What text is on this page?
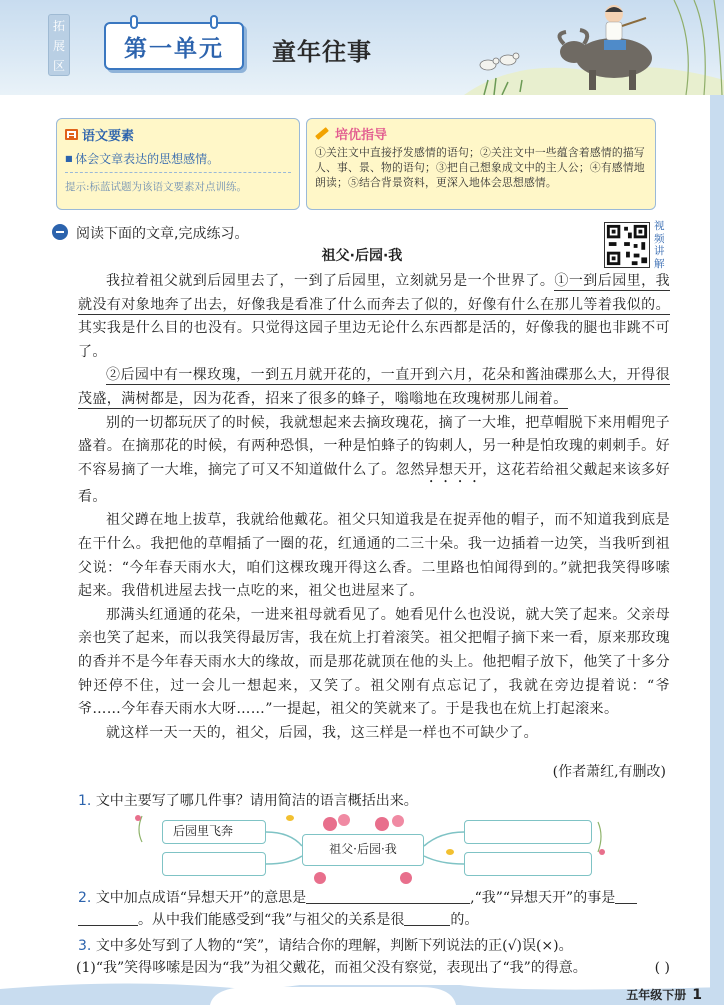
拓展区
第一单元 童年往事
语文要素
■ 体会文章表达的思想感情。
提示:标蓝试题为该语文要素对点训练。
培优指导
①关注文中直接抒发感情的语句；②关注文中一些蕴含着感情的描写人、事、景、物的语句；③把自己想象成文中的主人公；④有感情地朗读；⑤结合背景资料，更深入地体会思想感情。
阅读下面的文章,完成练习。	视频讲解
祖父·后园·我

我拉着祖父就到后园里去了，一到了后园里，立刻就另是一个世界了。①一到后园里，我就没有对象地奔了出去，好像我是看准了什么而奔去了似的，好像有什么在那儿等着我似的。其实我是什么目的也没有。只觉得这园子里边无论什么东西都是活的，好像我的腿也非跳不可了。

②后园中有一棵玫瑰，一到五月就开花的，一直开到六月，花朵和酱油碟那么大，开得很茂盛，满树都是，因为花香，招来了很多的蜂子，嗡嗡地在玫瑰树那儿闹着。

别的一切都玩厌了的时候，我就想起来去摘玫瑰花，摘了一大堆，把草帽脱下来用帽兜子盛着。在摘那花的时候，有两种恐惧，一种是怕蜂子的钩刺人，另一种是怕玫瑰的刺刺手。好不容易摘了一大堆，摘完了可又不知道做什么了。忽然异想天开，这花若给祖父戴起来该多好看。

祖父蹲在地上拔草，我就给他戴花。祖父只知道我是在捉弄他的帽子，而不知道我到底是在干什么。我把他的草帽插了一圈的花，红通通的二三十朵。我一边插着一边笑，当我听到祖父说：“今年春天雨水大，咱们这棵玫瑰开得这么香。二里路也怕闻得到的。”就把我笑得哆嗦起来。我借机进屋去找一点吃的来，祖父也进屋来了。

那满头红通通的花朵，一进来祖母就看见了。她看见什么也没说，就大笑了起来。父亲母亲也笑了起来，而以我笑得最厉害，我在炕上打着滚笑。祖父把帽子摘下来一看，原来那玫瑰的香并不是今年春天雨水大的缘故，而是那花就顶在他的头上。他把帽子放下，他笑了十多分钟还停不住，过一会儿一想起来，又笑了。祖父刚有点忘记了，我就在旁边提着说：“爷爷……今年春天雨水大呀……”一提起，祖父的笑就来了。于是我也在炕上打起滚来。

就这样一天一天的，祖父，后园，我，这三样是一样也不可缺少了。

(作者萧红,有删改)
1. 文中主要写了哪几件事？请用简洁的语言概括出来。
后园里飞奔
祖父·后园·我
2. 文中加点成语“异想天开”的意思是	,“我”“异想天开”的事是
。从中我们能感受到“我”与祖父的关系是很	的。
3. 文中多处写到了人物的“笑”，请结合你的理解，判断下列说法的正(√)误(×)。
(1)“我”笑得哆嗦是因为“我”为祖父戴花，而祖父没有察觉，表现出了“我”的得意。	( )
五年级下册 1
